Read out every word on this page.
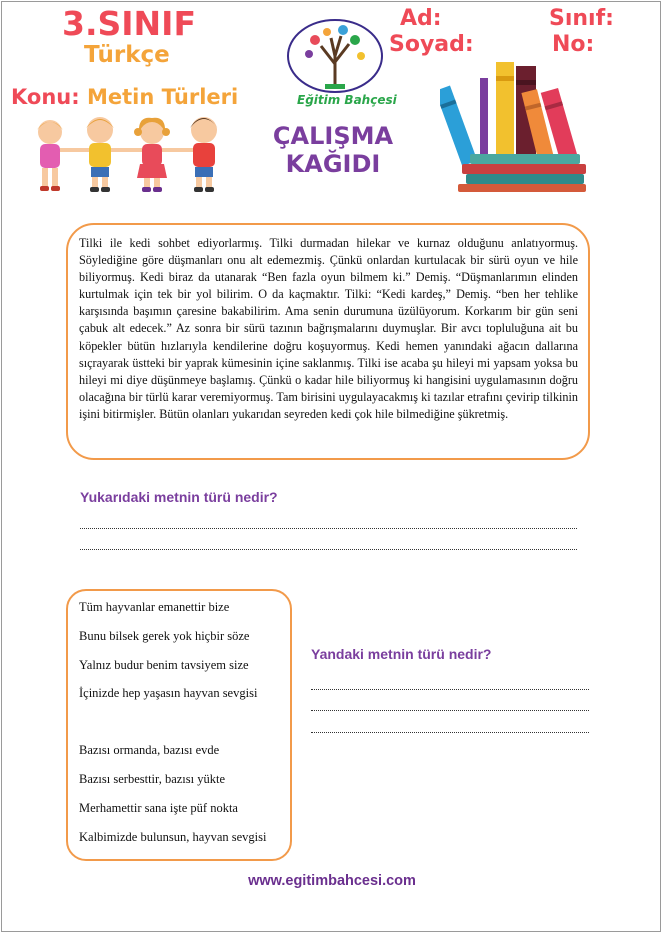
3.SINIF
Türkçe
Konu: Metin Türleri	Eğitim Bahçesi
ÇALIŞMA
KAĞIDI
Ad:
Soyad:
Sınıf:
No:
Tilki ile kedi sohbet ediyorlarmış. Tilki durmadan hilekar ve kurnaz olduğunu anlatıyormuş. Söylediğine göre düşmanları onu alt edemezmiş. Çünkü onlardan kurtulacak bir sürü oyun ve hile biliyormuş. Kedi biraz da utanarak “Ben fazla oyun bilmem ki.” Demiş. “Düşmanlarımın elinden kurtulmak için tek bir yol bilirim. O da kaçmaktır. Tilki: “Kedi kardeş,” Demiş. “ben her tehlike karşısında başımın çaresine bakabilirim. Ama senin durumuna üzülüyorum. Korkarım bir gün seni çabuk alt edecek.” Az sonra bir sürü tazının bağrışmalarını duymuşlar. Bir avcı topluluğuna ait bu köpekler bütün hızlarıyla kendilerine doğru koşuyormuş. Kedi hemen yanındaki ağacın dallarına sıçrayarak üstteki bir yaprak kümesinin içine saklanmış. Tilki ise acaba şu hileyi mi yapsam yoksa bu hileyi mi diye düşünmeye başlamış. Çünkü o kadar hile biliyormuş ki hangisini uygulamasının doğru olacağına bir türlü karar veremiyormuş. Tam birisini uygulayacakmış ki tazılar etrafını çevirip tilkinin işini bitirmişler. Bütün olanları yukarıdan seyreden kedi çok hile bilmediğine şükretmiş.
Yukarıdaki metnin türü nedir?
Tüm hayvanlar emanettir bize
Bunu bilsek gerek yok hiçbir söze
Yalnız budur benim tavsiyem size
İçinizde hep yaşasın hayvan sevgisi
Bazısı ormanda, bazısı evde
Bazısı serbesttir, bazısı yükte
Merhamettir sana işte püf nokta
Kalbimizde bulunsun, hayvan sevgisi
Yandaki metnin türü nedir?
www.egitimbahcesi.com
